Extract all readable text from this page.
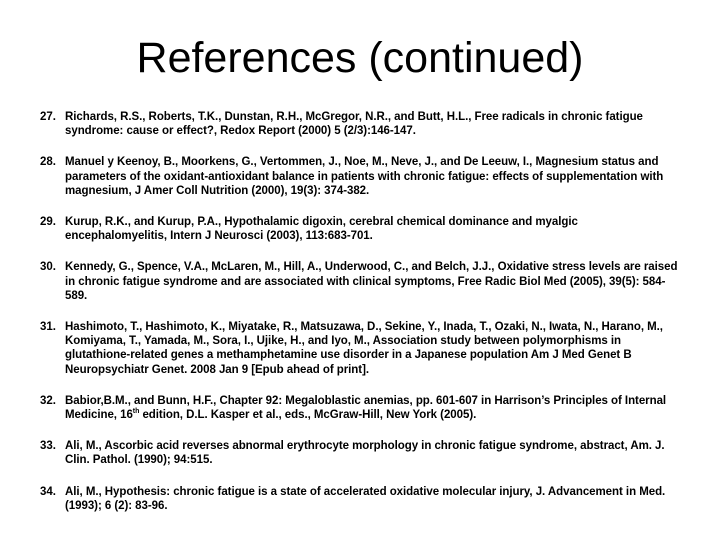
References (continued)
27. Richards, R.S., Roberts, T.K., Dunstan, R.H., McGregor, N.R., and Butt, H.L., Free radicals in chronic fatigue syndrome: cause or effect?, Redox Report (2000) 5 (2/3):146-147.
28. Manuel y Keenoy, B., Moorkens, G., Vertommen, J., Noe, M., Neve, J., and De Leeuw, I., Magnesium status and parameters of the oxidant-antioxidant balance in patients with chronic fatigue: effects of supplementation with magnesium, J Amer Coll Nutrition (2000), 19(3): 374-382.
29. Kurup, R.K., and Kurup, P.A., Hypothalamic digoxin, cerebral chemical dominance and myalgic encephalomyelitis, Intern J Neurosci (2003), 113:683-701.
30. Kennedy, G., Spence, V.A., McLaren, M., Hill, A., Underwood, C., and Belch, J.J., Oxidative stress levels are raised in chronic fatigue syndrome and are associated with clinical symptoms, Free Radic Biol Med (2005), 39(5): 584-589.
31. Hashimoto, T., Hashimoto, K., Miyatake, R., Matsuzawa, D., Sekine, Y., Inada, T., Ozaki, N., Iwata, N., Harano, M., Komiyama, T., Yamada, M., Sora, I., Ujike, H., and Iyo, M., Association study between polymorphisms in glutathione-related genes a methamphetamine use disorder in a Japanese population Am J Med Genet B Neuropsychiatr Genet. 2008 Jan 9 [Epub ahead of print].
32. Babior,B.M., and Bunn, H.F., Chapter 92: Megaloblastic anemias, pp. 601-607 in Harrison’s Principles of Internal Medicine, 16th edition, D.L. Kasper et al., eds., McGraw-Hill, New York (2005).
33. Ali, M., Ascorbic acid reverses abnormal erythrocyte morphology in chronic fatigue syndrome, abstract, Am. J. Clin. Pathol. (1990); 94:515.
34. Ali, M., Hypothesis: chronic fatigue is a state of accelerated oxidative molecular injury, J. Advancement in Med. (1993); 6 (2): 83-96.
